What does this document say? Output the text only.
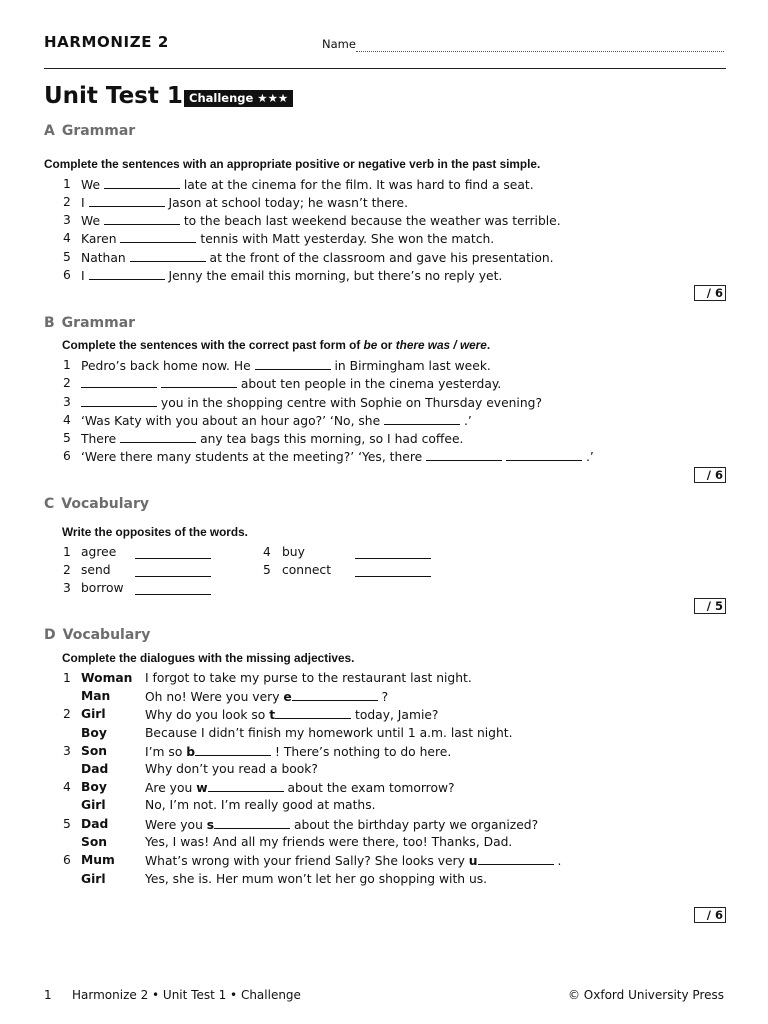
HARMONIZE 2	Name
Unit Test 1 Challenge ★★★
A Grammar
Complete the sentences with an appropriate positive or negative verb in the past simple.
1 We	late at the cinema for the film. It was hard to find a seat.
2 I	Jason at school today; he wasn’t there.
3 We	to the beach last weekend because the weather was terrible.
4 Karen	tennis with Matt yesterday. She won the match.
5 Nathan	at the front of the classroom and gave his presentation.
6 I	Jenny the email this morning, but there’s no reply yet.
/ 6
B Grammar
Complete the sentences with the correct past form of be or there was / were.
1 Pedro’s back home now. He	in Birmingham last week.
2	about ten people in the cinema yesterday.
3	you in the shopping centre with Sophie on Thursday evening?
4 ‘Was Katy with you about an hour ago?’ ‘No, she	.’
5 There	any tea bags this morning, so I had coffee.
6 ‘Were there many students at the meeting?’ ‘Yes, there	.’
/ 6
C Vocabulary
Write the opposites of the words.
1 agree
2 send
3 borrow
4 buy
5 connect
/ 5
D Vocabulary
Complete the dialogues with the missing adjectives.
1 Woman I forgot to take my purse to the restaurant last night.
Man	Oh no! Were you very e	?
2 Girl	Why do you look so t	today, Jamie?
Boy	Because I didn’t finish my homework until 1 a.m. last night.
3 Son	I’m so b	! There’s nothing to do here.
Dad	Why don’t you read a book?
4 Boy	Are you w	about the exam tomorrow?
Girl	No, I’m not. I’m really good at maths.
5 Dad	Were you s	about the birthday party we organized?
Son	Yes, I was! And all my friends were there, too! Thanks, Dad.
6 Mum What’s wrong with your friend Sally? She looks very u	.
Girl	Yes, she is. Her mum won’t let her go shopping with us.
/ 6
1 Harmonize 2 • Unit Test 1 • Challenge	© Oxford University Press
